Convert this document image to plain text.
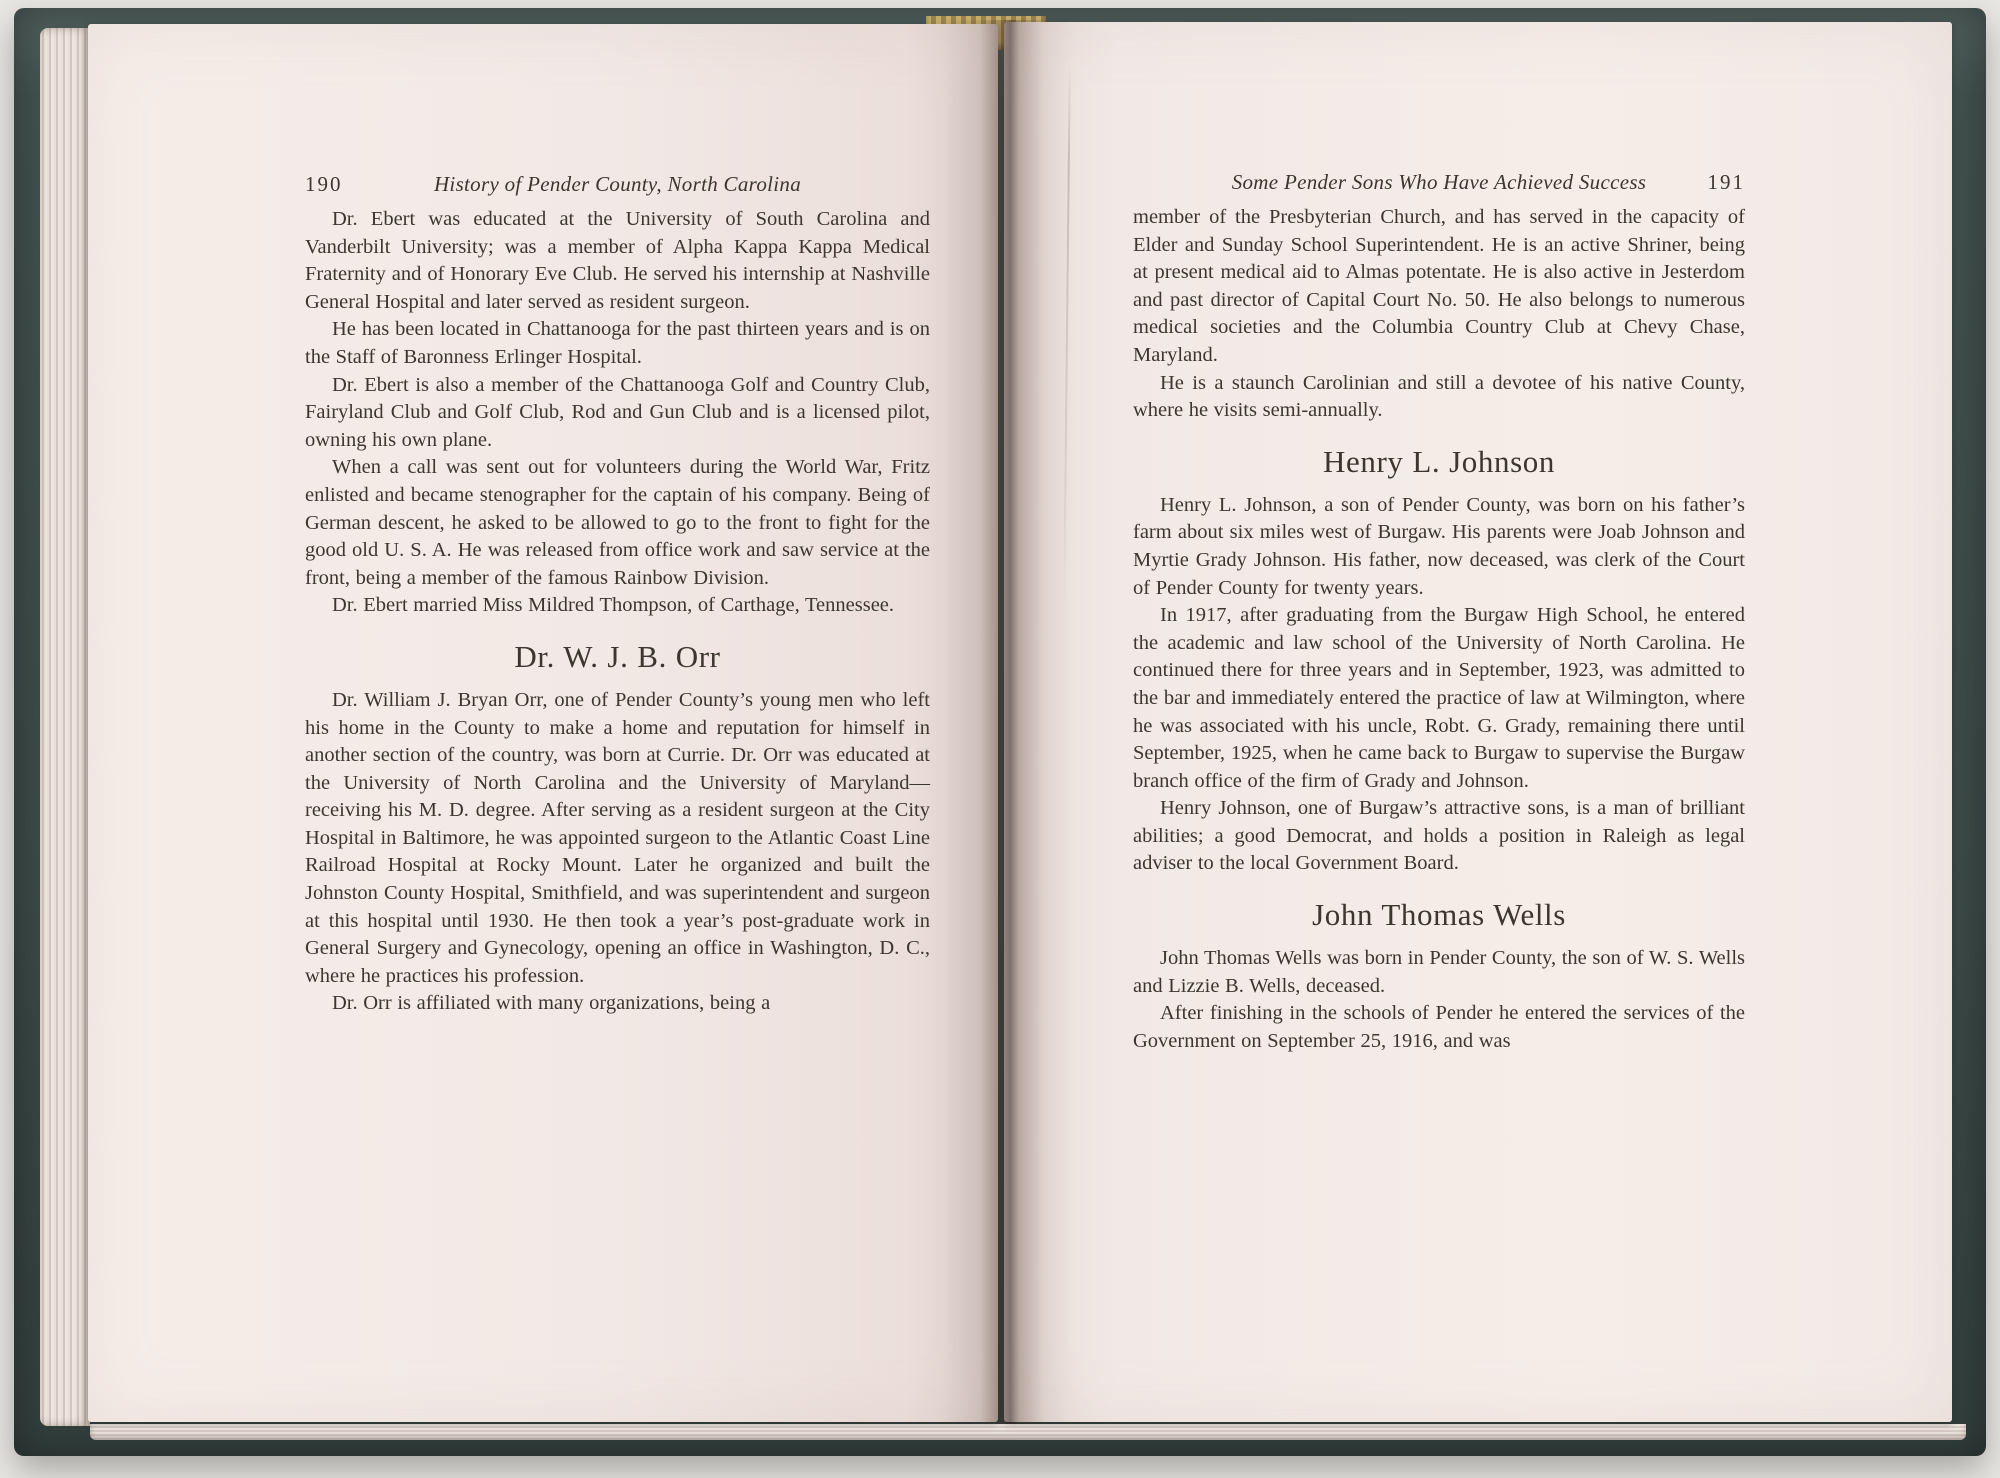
190	History of Pender County, North Carolina

Dr. Ebert was educated at the University of South Carolina and Vanderbilt University; was a member of Alpha Kappa Kappa Medical Fraternity and of Honorary Eve Club. He served his internship at Nashville General Hospital and later served as resident surgeon.

He has been located in Chattanooga for the past thirteen years and is on the Staff of Baronness Erlinger Hospital.

Dr. Ebert is also a member of the Chattanooga Golf and Country Club, Fairyland Club and Golf Club, Rod and Gun Club and is a licensed pilot, owning his own plane.

When a call was sent out for volunteers during the World War, Fritz enlisted and became stenographer for the captain of his company. Being of German descent, he asked to be allowed to go to the front to fight for the good old U. S. A. He was released from office work and saw service at the front, being a member of the famous Rainbow Division.

Dr. Ebert married Miss Mildred Thompson, of Carthage, Tennessee.

Dr. W. J. B. Orr

Dr. William J. Bryan Orr, one of Pender County’s young men who left his home in the County to make a home and reputation for himself in another section of the country, was born at Currie. Dr. Orr was educated at the University of North Carolina and the University of Maryland—receiving his M. D. degree. After serving as a resident surgeon at the City Hospital in Baltimore, he was appointed surgeon to the Atlantic Coast Line Railroad Hospital at Rocky Mount. Later he organized and built the Johnston County Hospital, Smithfield, and was superintendent and surgeon at this hospital until 1930. He then took a year’s post-graduate work in General Surgery and Gynecology, opening an office in Washington, D. C., where he practices his profession.

Dr. Orr is affiliated with many organizations, being a

Some Pender Sons Who Have Achieved Success	191

member of the Presbyterian Church, and has served in the capacity of Elder and Sunday School Superintendent. He is an active Shriner, being at present medical aid to Almas potentate. He is also active in Jesterdom and past director of Capital Court No. 50. He also belongs to numerous medical societies and the Columbia Country Club at Chevy Chase, Maryland.

He is a staunch Carolinian and still a devotee of his native County, where he visits semi-annually.

Henry L. Johnson

Henry L. Johnson, a son of Pender County, was born on his father’s farm about six miles west of Burgaw. His parents were Joab Johnson and Myrtie Grady Johnson. His father, now deceased, was clerk of the Court of Pender County for twenty years.

In 1917, after graduating from the Burgaw High School, he entered the academic and law school of the University of North Carolina. He continued there for three years and in September, 1923, was admitted to the bar and immediately entered the practice of law at Wilmington, where he was associated with his uncle, Robt. G. Grady, remaining there until September, 1925, when he came back to Burgaw to supervise the Burgaw branch office of the firm of Grady and Johnson.

Henry Johnson, one of Burgaw’s attractive sons, is a man of brilliant abilities; a good Democrat, and holds a position in Raleigh as legal adviser to the local Government Board.

John Thomas Wells

John Thomas Wells was born in Pender County, the son of W. S. Wells and Lizzie B. Wells, deceased.

After finishing in the schools of Pender he entered the services of the Government on September 25, 1916, and was
